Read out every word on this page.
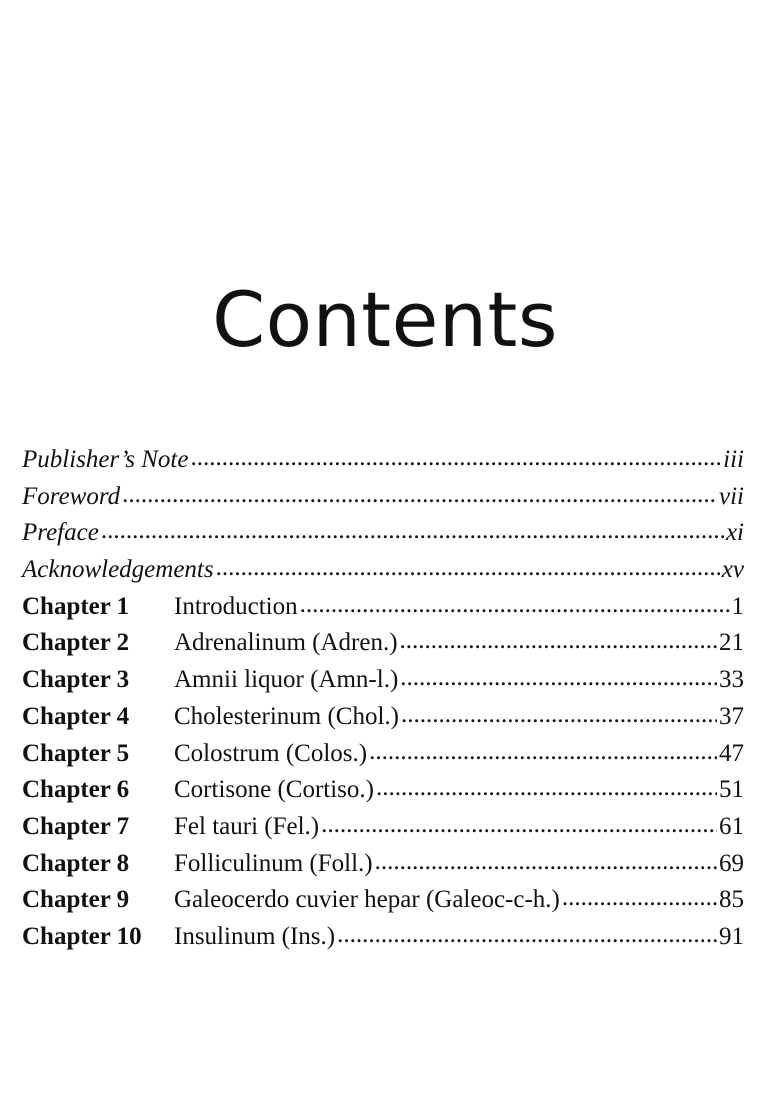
Contents
Publisher’s Note .....	iii
Foreword .....	vii
Preface .....	xi
Acknowledgements .....	xv
Chapter 1	Introduction .....	1
Chapter 2	Adrenalinum (Adren.) .....	21
Chapter 3	Amnii liquor (Amn-l.) .....	33
Chapter 4	Cholesterinum (Chol.) .....	37
Chapter 5	Colostrum (Colos.) .....	47
Chapter 6	Cortisone (Cortiso.) .....	51
Chapter 7	Fel tauri (Fel.) .....	61
Chapter 8	Folliculinum (Foll.) .....	69
Chapter 9	Galeocerdo cuvier hepar (Galeoc-c-h.) .....	85
Chapter 10	Insulinum (Ins.) .....	91
